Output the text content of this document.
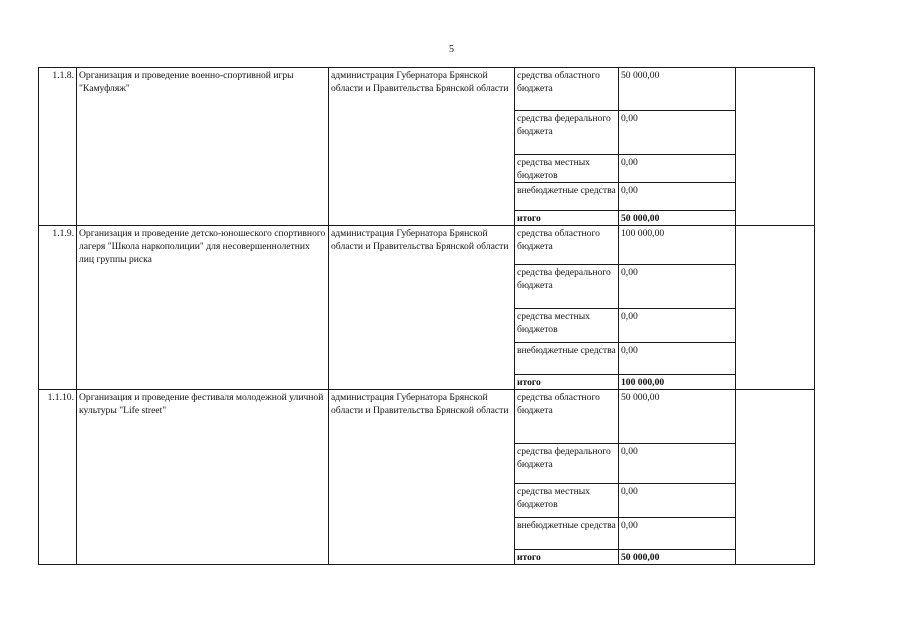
5
1.1.8.	Организация и проведение военно-спортивной игры "Камуфляж"	администрация Губернатора Брянской области и Правительства Брянской области	средства областного бюджета	50 000,00	
			средства федерального бюджета	0,00	
			средства местных бюджетов	0,00	
			внебюджетные средства	0,00	
			итого	50 000,00	
1.1.9.	Организация и проведение детско-юношеского спортивного лагеря "Школа наркополиции" для несовершеннолетних лиц группы риска	администрация Губернатора Брянской области и Правительства Брянской области	средства областного бюджета	100 000,00	
			средства федерального бюджета	0,00	
			средства местных бюджетов	0,00	
			внебюджетные средства	0,00	
			итого	100 000,00	
1.1.10.	Организация и проведение фестиваля молодежной уличной культуры "Life street"	администрация Губернатора Брянской области и Правительства Брянской области	средства областного бюджета	50 000,00	
			средства федерального бюджета	0,00	
			средства местных бюджетов	0,00	
			внебюджетные средства	0,00	
			итого	50 000,00	
